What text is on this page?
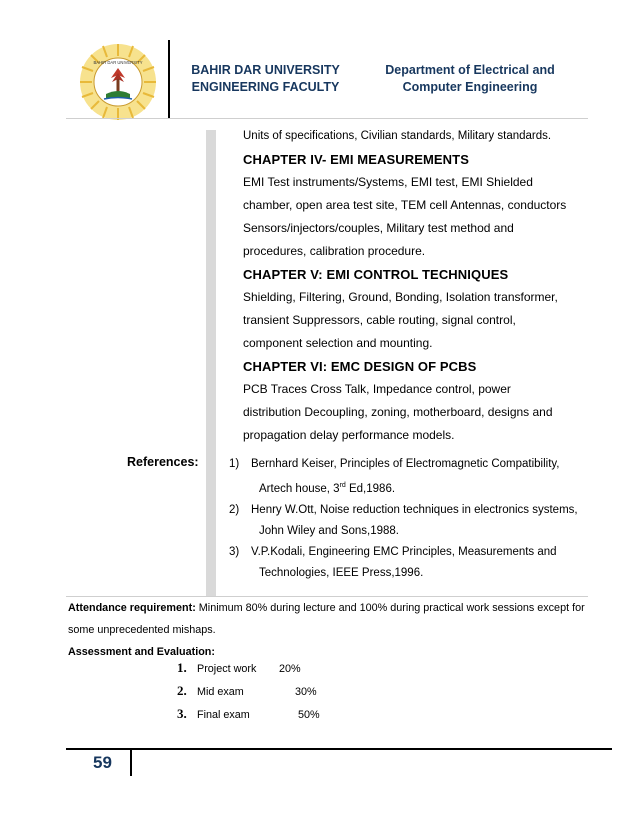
BAHIR DAR UNIVERSITY
BAHIR DAR UNIVERSITY
ENGINEERING FACULTY
Department of Electrical and
Computer Engineering
Units of specifications, Civilian standards, Military standards.
CHAPTER IV- EMI MEASUREMENTS
EMI Test instruments/Systems, EMI test, EMI Shielded
chamber, open area test site, TEM cell Antennas, conductors
Sensors/injectors/couples, Military test method and
procedures, calibration procedure.
CHAPTER V: EMI CONTROL TECHNIQUES
Shielding, Filtering, Ground, Bonding, Isolation transformer,
transient Suppressors, cable routing, signal control,
component selection and mounting.
CHAPTER VI: EMC DESIGN OF PCBS
PCB Traces Cross Talk, Impedance control, power
distribution Decoupling, zoning, motherboard, designs and
propagation delay performance models.
References:	1) Bernhard Keiser, Principles of Electromagnetic Compatibility,
Artech house, 3rd Ed,1986.
2) Henry W.Ott, Noise reduction techniques in electronics systems,
John Wiley and Sons,1988.
3) V.P.Kodali, Engineering EMC Principles, Measurements and
Technologies, IEEE Press,1996.
Attendance requirement: Minimum 80% during lecture and 100% during practical work sessions except for
some unprecedented mishaps.
Assessment and Evaluation:
1. Project work 20%
2. Mid exam	30%
3. Final exam	50%
59
